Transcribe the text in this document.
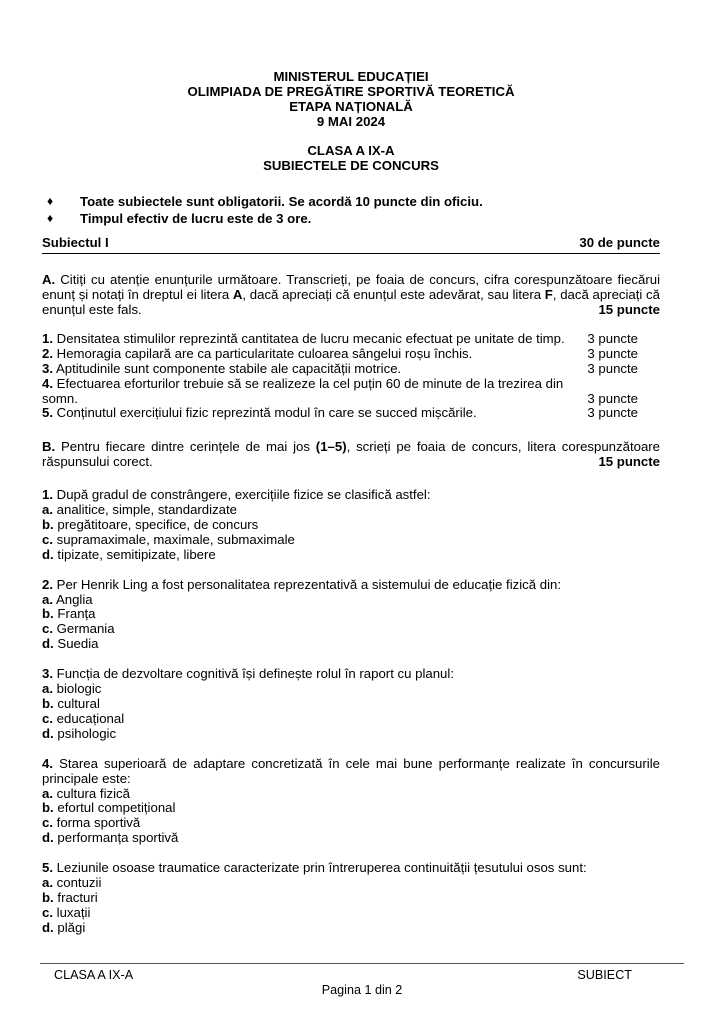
MINISTERUL EDUCAȚIEI
OLIMPIADA DE PREGĂTIRE SPORTIVĂ TEORETICĂ
ETAPA NAȚIONALĂ
9 MAI 2024
CLASA A IX-A
SUBIECTELE DE CONCURS
♦	Toate subiectele sunt obligatorii. Se acordă 10 puncte din oficiu.
♦	Timpul efectiv de lucru este de 3 ore.
Subiectul I	30 de puncte
A. Citiți cu atenție enunțurile următoare. Transcrieți, pe foaia de concurs, cifra corespunzătoare fiecărui enunț și notați în dreptul ei litera A, dacă apreciați că enunțul este adevărat, sau litera F, dacă apreciați că enunțul este fals.	15 puncte
1. Densitatea stimulilor reprezintă cantitatea de lucru mecanic efectuat pe unitate de timp.	3 puncte
2. Hemoragia capilară are ca particularitate culoarea sângelui roșu închis.	3 puncte
3. Aptitudinile sunt componente stabile ale capacității motrice.	3 puncte
4. Efectuarea eforturilor trebuie să se realizeze la cel puțin 60 de minute de la trezirea din somn.	3 puncte
5. Conținutul exercițiului fizic reprezintă modul în care se succed mișcările.	3 puncte
B. Pentru fiecare dintre cerințele de mai jos (1–5), scrieți pe foaia de concurs, litera corespunzătoare răspunsului corect.	15 puncte
1. După gradul de constrângere, exercițiile fizice se clasifică astfel:
a. analitice, simple, standardizate
b. pregătitoare, specifice, de concurs
c. supramaximale, maximale, submaximale
d. tipizate, semitipizate, libere
2. Per Henrik Ling a fost personalitatea reprezentativă a sistemului de educație fizică din:
a. Anglia
b. Franța
c. Germania
d. Suedia
3. Funcția de dezvoltare cognitivă își definește rolul în raport cu planul:
a. biologic
b. cultural
c. educațional
d. psihologic
4. Starea superioară de adaptare concretizată în cele mai bune performanțe realizate în concursurile principale este:
a. cultura fizică
b. efortul competițional
c. forma sportivă
d. performanța sportivă
5. Leziunile osoase traumatice caracterizate prin întreruperea continuității țesutului osos sunt:
a. contuzii
b. fracturi
c. luxații
d. plăgi
CLASA A IX-A	SUBIECT
Pagina 1 din 2
